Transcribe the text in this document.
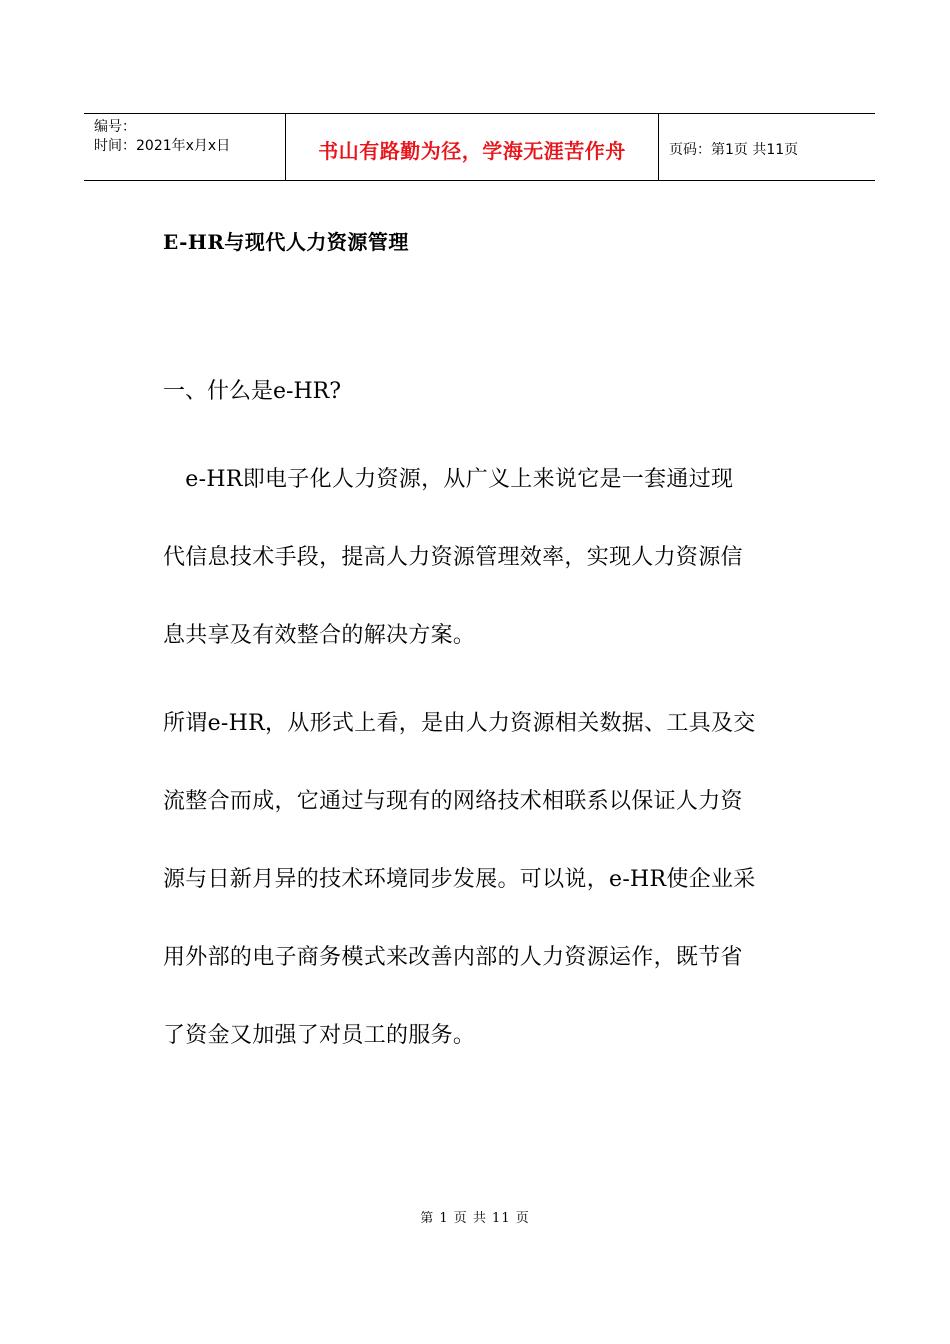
编号：
时间：2021年x月x日	书山有路勤为径，学海无涯苦作舟	页码：第1页 共11页
E-HR与现代人力资源管理
一、什么是e-HR?
　e-HR即电子化人力资源，从广义上来说它是一套通过现
代信息技术手段，提高人力资源管理效率，实现人力资源信
息共享及有效整合的解决方案。
所谓e-HR，从形式上看，是由人力资源相关数据、工具及交
流整合而成，它通过与现有的网络技术相联系以保证人力资
源与日新月异的技术环境同步发展。可以说，e-HR使企业采
用外部的电子商务模式来改善内部的人力资源运作，既节省
了资金又加强了对员工的服务。
第 1 页 共 11 页
